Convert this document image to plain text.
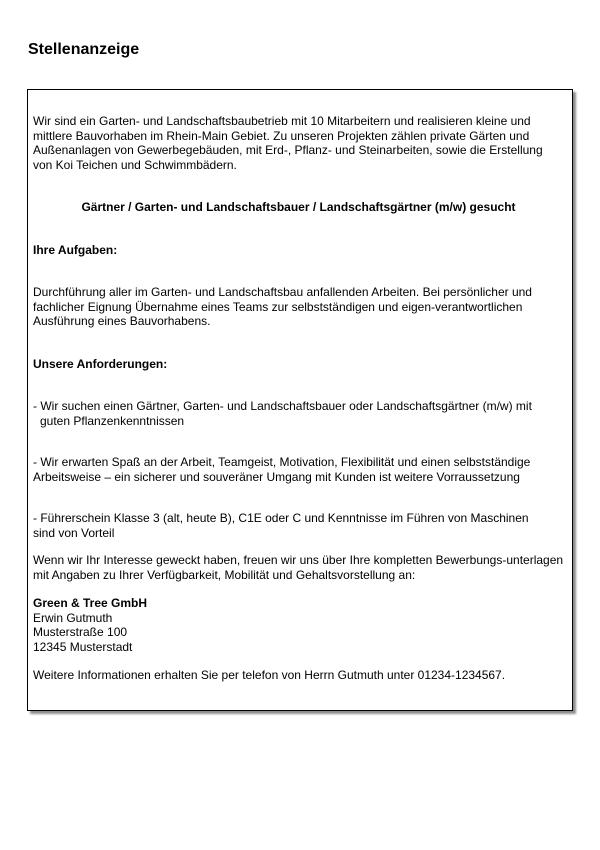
Stellenanzeige

Wir sind ein Garten- und Landschaftsbaubetrieb mit 10 Mitarbeitern und realisieren kleine und mittlere Bauvorhaben im Rhein-Main Gebiet. Zu unseren Projekten zählen private Gärten und Außenanlagen von Gewerbegebäuden, mit Erd-, Pflanz- und Steinarbeiten, sowie die Erstellung von Koi Teichen und Schwimmbädern.

Gärtner / Garten- und Landschaftsbauer / Landschaftsgärtner (m/w) gesucht

Ihre Aufgaben:

Durchführung aller im Garten- und Landschaftsbau anfallenden Arbeiten. Bei persönlicher und fachlicher Eignung Übernahme eines Teams zur selbstständigen und eigen-verantwortlichen Ausführung eines Bauvorhabens.

Unsere Anforderungen:

- Wir suchen einen Gärtner, Garten- und Landschaftsbauer oder Landschaftsgärtner (m/w) mit
guten Pflanzenkenntnissen

- Wir erwarten Spaß an der Arbeit, Teamgeist, Motivation, Flexibilität und einen selbstständige
Arbeitsweise – ein sicherer und souveräner Umgang mit Kunden ist weitere Vorraussetzung

- Führerschein Klasse 3 (alt, heute B), C1E oder C und Kenntnisse im Führen von Maschinen
sind von Vorteil

Wenn wir Ihr Interesse geweckt haben, freuen wir uns über Ihre kompletten Bewerbungs-unterlagen mit Angaben zu Ihrer Verfügbarkeit, Mobilität und Gehaltsvorstellung an:

Green & Tree GmbH
Erwin Gutmuth
Musterstraße 100
12345 Musterstadt

Weitere Informationen erhalten Sie per telefon von Herrn Gutmuth unter 01234-1234567.
